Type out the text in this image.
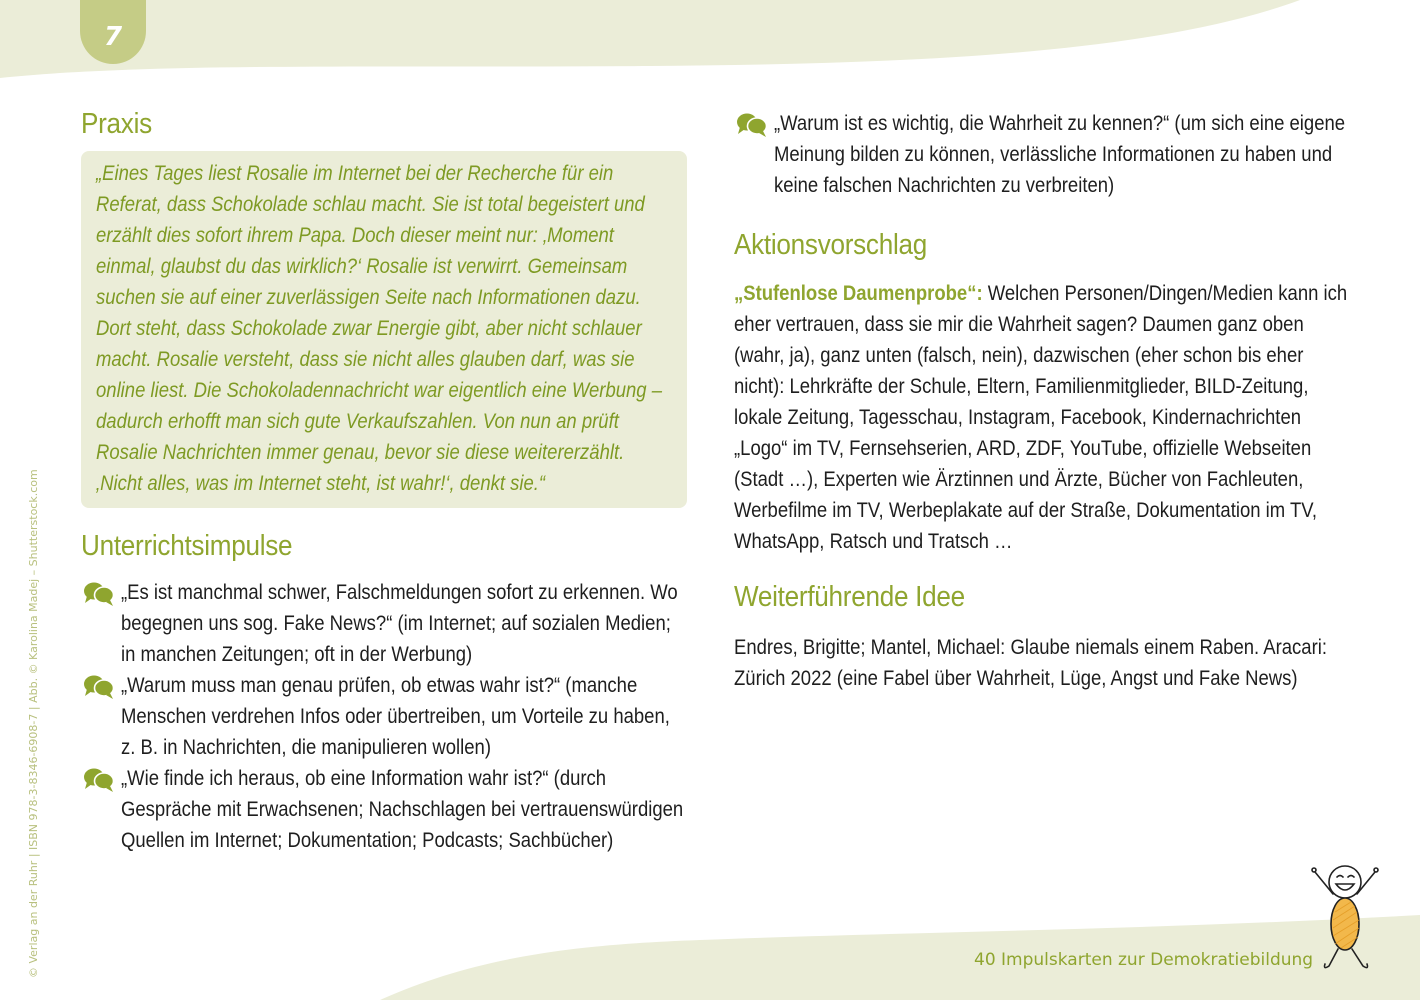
7
© Verlag an der Ruhr | ISBN 978-3-8346-6908-7 | Abb. © Karolina Madej – Shutterstock.com
Praxis

„Eines Tages liest Rosalie im Internet bei der Recherche für ein Referat, dass Schokolade schlau macht. Sie ist total begeistert und erzählt dies sofort ihrem Papa. Doch dieser meint nur: ‚Moment einmal, glaubst du das wirklich?‘ Rosalie ist verwirrt. Gemeinsam suchen sie auf einer zuverlässigen Seite nach Informationen dazu. Dort steht, dass Schokolade zwar Energie gibt, aber nicht schlauer macht. Rosalie versteht, dass sie nicht alles glauben darf, was sie online liest. Die Schokoladennachricht war eigentlich eine Werbung – dadurch erhofft man sich gute Verkaufszahlen. Von nun an prüft Rosalie Nachrichten immer genau, bevor sie diese weitererzählt. ‚Nicht alles, was im Internet steht, ist wahr!‘, denkt sie.“

Unterrichtsimpulse
„Es ist manchmal schwer, Falschmeldungen sofort zu erkennen. Wo begegnen uns sog. Fake News?“ (im Internet; auf sozialen Medien; in manchen Zeitungen; oft in der Werbung)
„Warum muss man genau prüfen, ob etwas wahr ist?“ (manche Menschen verdrehen Infos oder übertreiben, um Vorteile zu haben, z. B. in Nachrichten, die manipulieren wollen)
„Wie finde ich heraus, ob eine Information wahr ist?“ (durch Gespräche mit Erwachsenen; Nachschlagen bei vertrauenswürdigen Quellen im Internet; Dokumentation; Podcasts; Sachbücher)
„Warum ist es wichtig, die Wahrheit zu kennen?“ (um sich eine eigene Meinung bilden zu können, verlässliche Informationen zu haben und keine falschen Nachrichten zu verbreiten)
Aktionsvorschlag
„Stufenlose Daumenprobe“: Welchen Personen/Dingen/Medien kann ich eher vertrauen, dass sie mir die Wahrheit sagen? Daumen ganz oben (wahr, ja), ganz unten (falsch, nein), dazwischen (eher schon bis eher nicht): Lehrkräfte der Schule, Eltern, Familienmitglieder, BILD-Zeitung, lokale Zeitung, Tagesschau, Instagram, Facebook, Kindernachrichten „Logo“ im TV, Fernsehserien, ARD, ZDF, YouTube, offizielle Webseiten (Stadt …), Experten wie Ärztinnen und Ärzte, Bücher von Fachleuten, Werbefilme im TV, Werbeplakate auf der Straße, Dokumentation im TV, WhatsApp, Ratsch und Tratsch …
Weiterführende Idee
Endres, Brigitte; Mantel, Michael: Glaube niemals einem Raben. Aracari: Zürich 2022 (eine Fabel über Wahrheit, Lüge, Angst und Fake News)
40 Impulskarten zur Demokratiebildung
